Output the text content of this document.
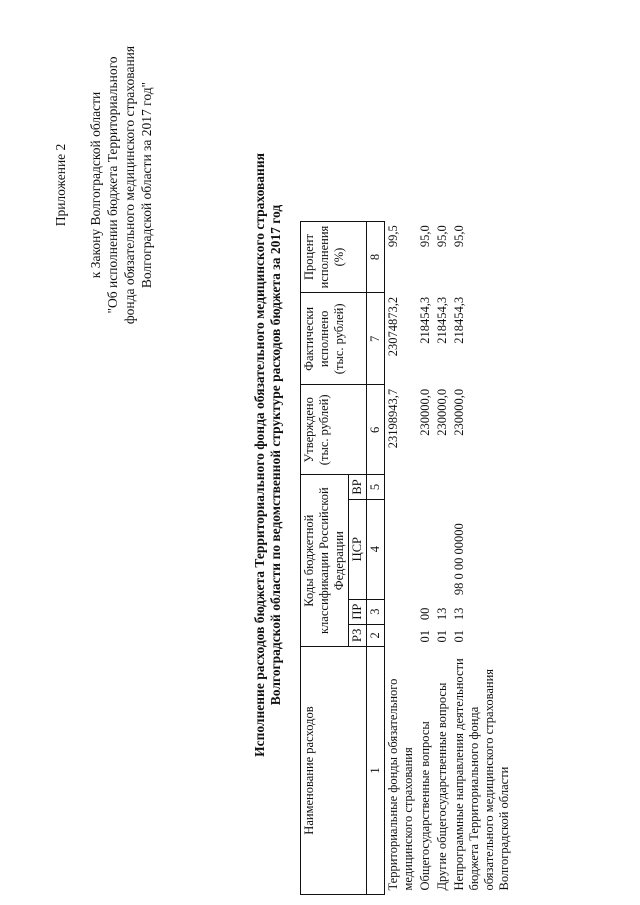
Приложение 2 к Закону Волгоградской области "Об исполнении бюджета Территориального фонда обязательного медицинского страхования Волгоградской области за 2017 год"	Исполнение расходов бюджета Территориального фонда обязательного медицинского страхования Волгоградской области по ведомственной структуре расходов бюджета за 2017 год
Наименование расходов	Коды бюджетной классификации Российской Федерации				Утверждено (тыс. рублей)	Фактически исполнено (тыс. рублей)	Процент исполнения (%)
	РЗ	ПР	ЦСР	ВР			
1	2	3	4	5	6	7	8
Территориальные фонды обязательного медицинского страхования					23198943,7	23074873,2	99,5
Общегосударственные вопросы	01	00			230000,0	218454,3	95,0
Другие общегосударственные вопросы	01	13			230000,0	218454,3	95,0
Непрограммные направления деятельности бюджета Территориального фонда обязательного медицинского страхования Волгоградской области	01	13	98 0 00 00000		230000,0	218454,3	95,0
